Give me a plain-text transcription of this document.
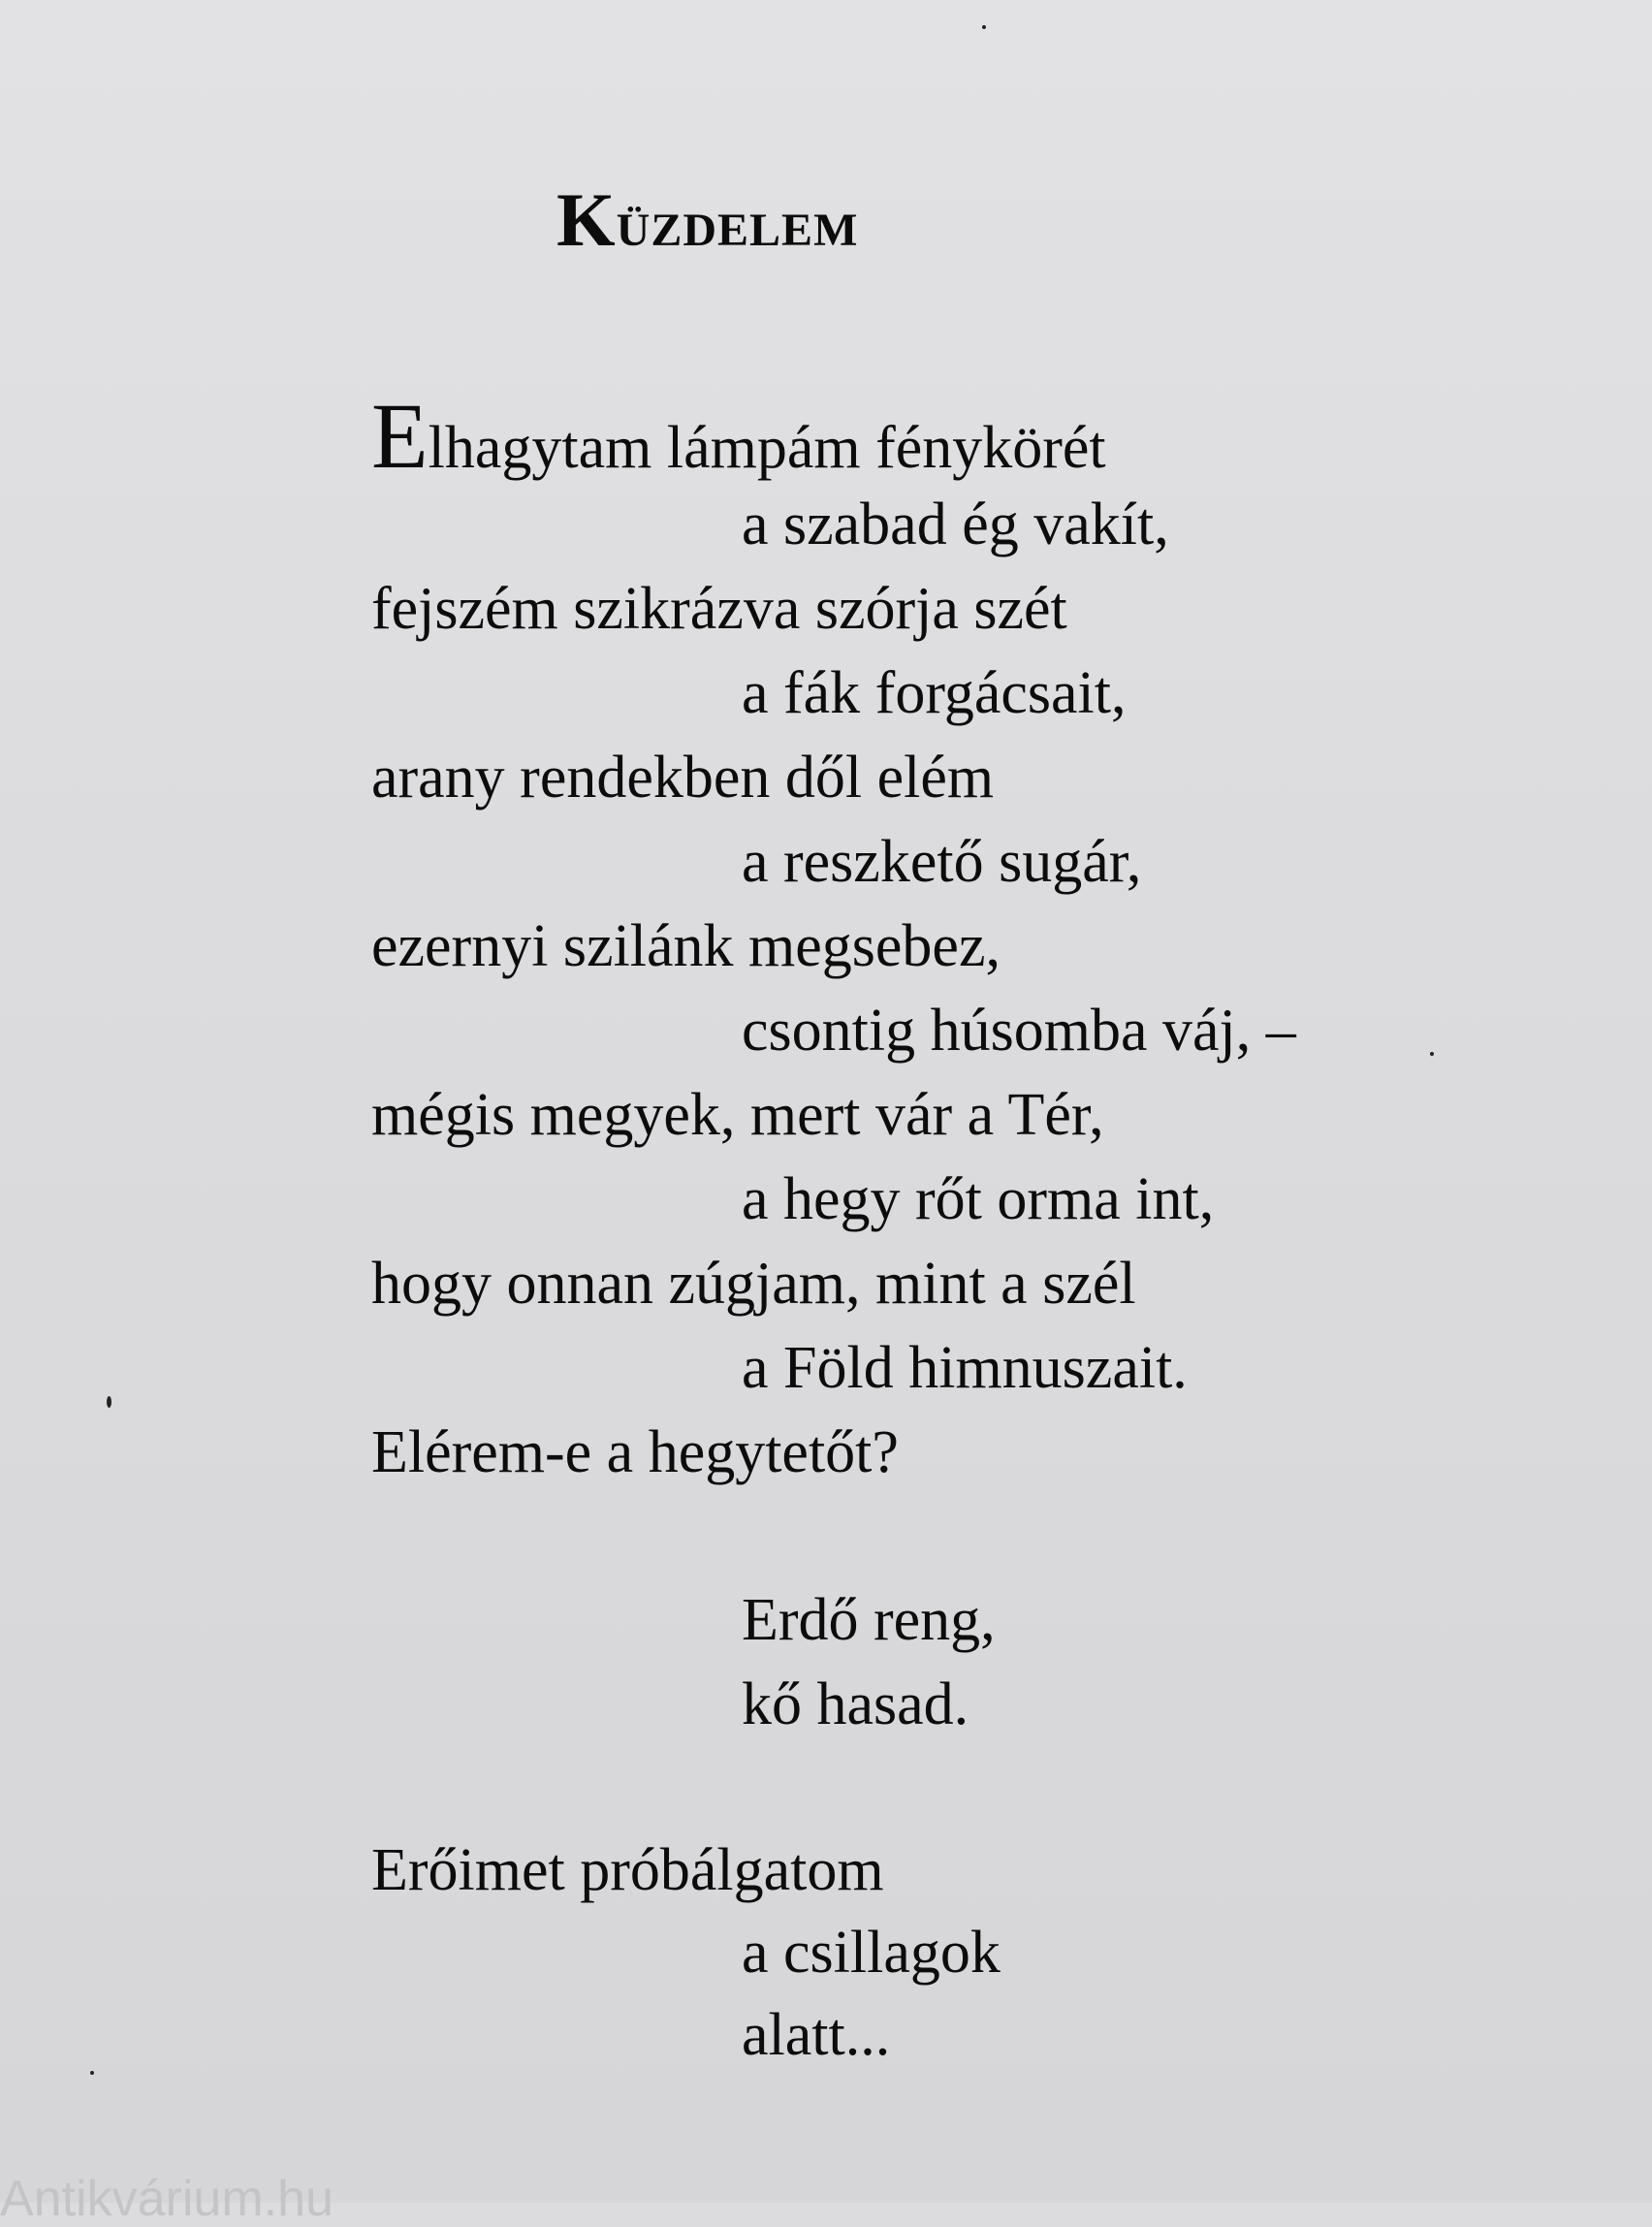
Küzdelem
Elhagytam lámpám fénykörét
a szabad ég vakít,
fejszém szikrázva szórja szét
a fák forgácsait,
arany rendekben dől elém
a reszkető sugár,
ezernyi szilánk megsebez,
csontig húsomba váj, –
mégis megyek, mert vár a Tér,
a hegy rőt orma int,
hogy onnan zúgjam, mint a szél
a Föld himnuszait.
Elérem-e a hegytetőt?
Erdő reng,
kő hasad.
Erőimet próbálgatom
a csillagok
alatt...
Antikvárium.hu
